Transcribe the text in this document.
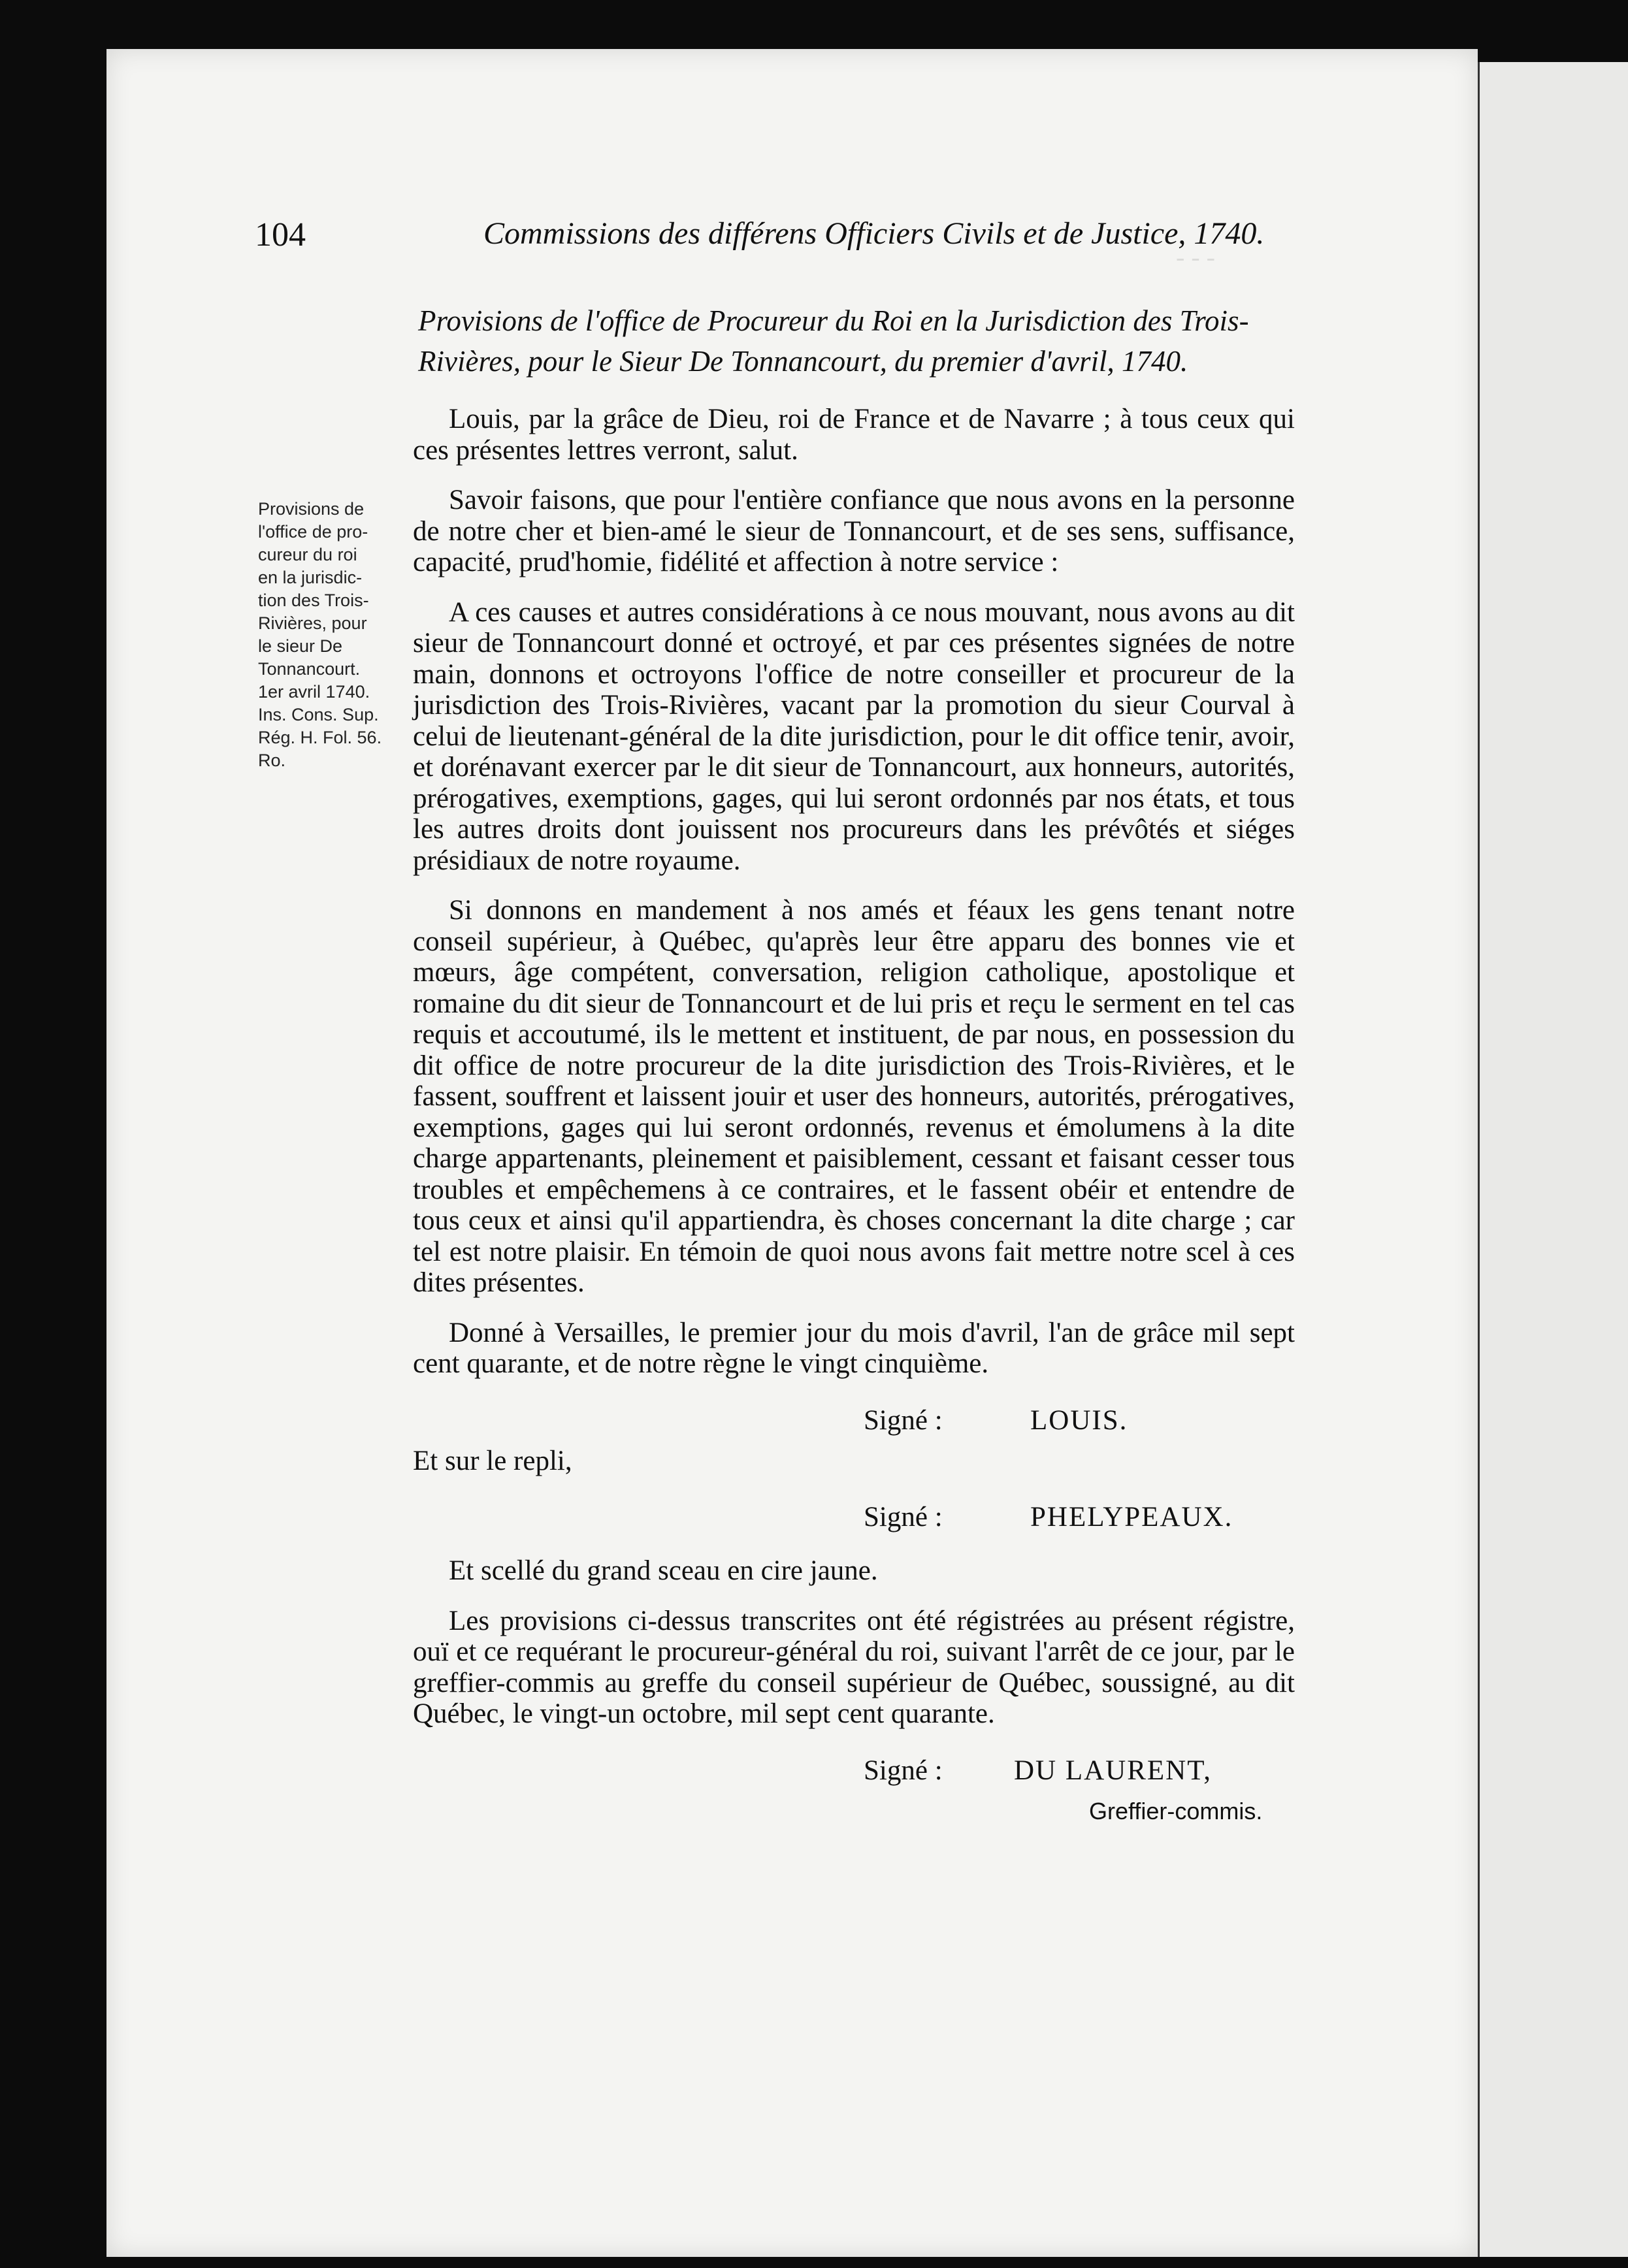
- - -
104	Commissions des différens Officiers Civils et de Justice, 1740.
Provisions de l'office de Procureur du Roi en la Jurisdiction des Trois-Rivières, pour le Sieur De Tonnancourt, du premier d'avril, 1740.
Provisions de
l'office de pro-
cureur du roi
en la jurisdic-
tion des Trois-
Rivières, pour
le sieur De
Tonnancourt.
1er avril 1740.
Ins. Cons. Sup.
Rég. H. Fol. 56.
Ro.

Louis, par la grâce de Dieu, roi de France et de Navarre ; à tous ceux qui ces présentes lettres verront, salut.

Savoir faisons, que pour l'entière confiance que nous avons en la personne de notre cher et bien-amé le sieur de Tonnancourt, et de ses sens, suffisance, capacité, prud'homie, fidélité et affection à notre service :

A ces causes et autres considérations à ce nous mouvant, nous avons au dit sieur de Tonnancourt donné et octroyé, et par ces présentes signées de notre main, donnons et octroyons l'office de notre conseiller et procureur de la jurisdiction des Trois-Rivières, vacant par la promotion du sieur Courval à celui de lieutenant-général de la dite jurisdiction, pour le dit office tenir, avoir, et dorénavant exercer par le dit sieur de Tonnancourt, aux honneurs, autorités, prérogatives, exemptions, gages, qui lui seront ordonnés par nos états, et tous les autres droits dont jouissent nos procureurs dans les prévôtés et siéges présidiaux de notre royaume.

Si donnons en mandement à nos amés et féaux les gens tenant notre conseil supérieur, à Québec, qu'après leur être apparu des bonnes vie et mœurs, âge compétent, conversation, religion catholique, apostolique et romaine du dit sieur de Tonnancourt et de lui pris et reçu le serment en tel cas requis et accoutumé, ils le mettent et instituent, de par nous, en possession du dit office de notre procureur de la dite jurisdiction des Trois-Rivières, et le fassent, souffrent et laissent jouir et user des honneurs, autorités, prérogatives, exemptions, gages qui lui seront ordonnés, revenus et émolumens à la dite charge appartenants, pleinement et paisiblement, cessant et faisant cesser tous troubles et empêchemens à ce contraires, et le fassent obéir et entendre de tous ceux et ainsi qu'il appartiendra, ès choses concernant la dite charge ; car tel est notre plaisir. En témoin de quoi nous avons fait mettre notre scel à ces dites présentes.

Donné à Versailles, le premier jour du mois d'avril, l'an de grâce mil sept cent quarante, et de notre règne le vingt cinquième.

Signé :	LOUIS.

Et sur le repli,

Signé :	PHELYPEAUX.

Et scellé du grand sceau en cire jaune.

Les provisions ci-dessus transcrites ont été régistrées au présent régistre, ouï et ce requérant le procureur-général du roi, suivant l'arrêt de ce jour, par le greffier-commis au greffe du conseil supérieur de Québec, soussigné, au dit Québec, le vingt-un octobre, mil sept cent quarante.

Signé :	DU LAURENT,
Greffier-commis.
